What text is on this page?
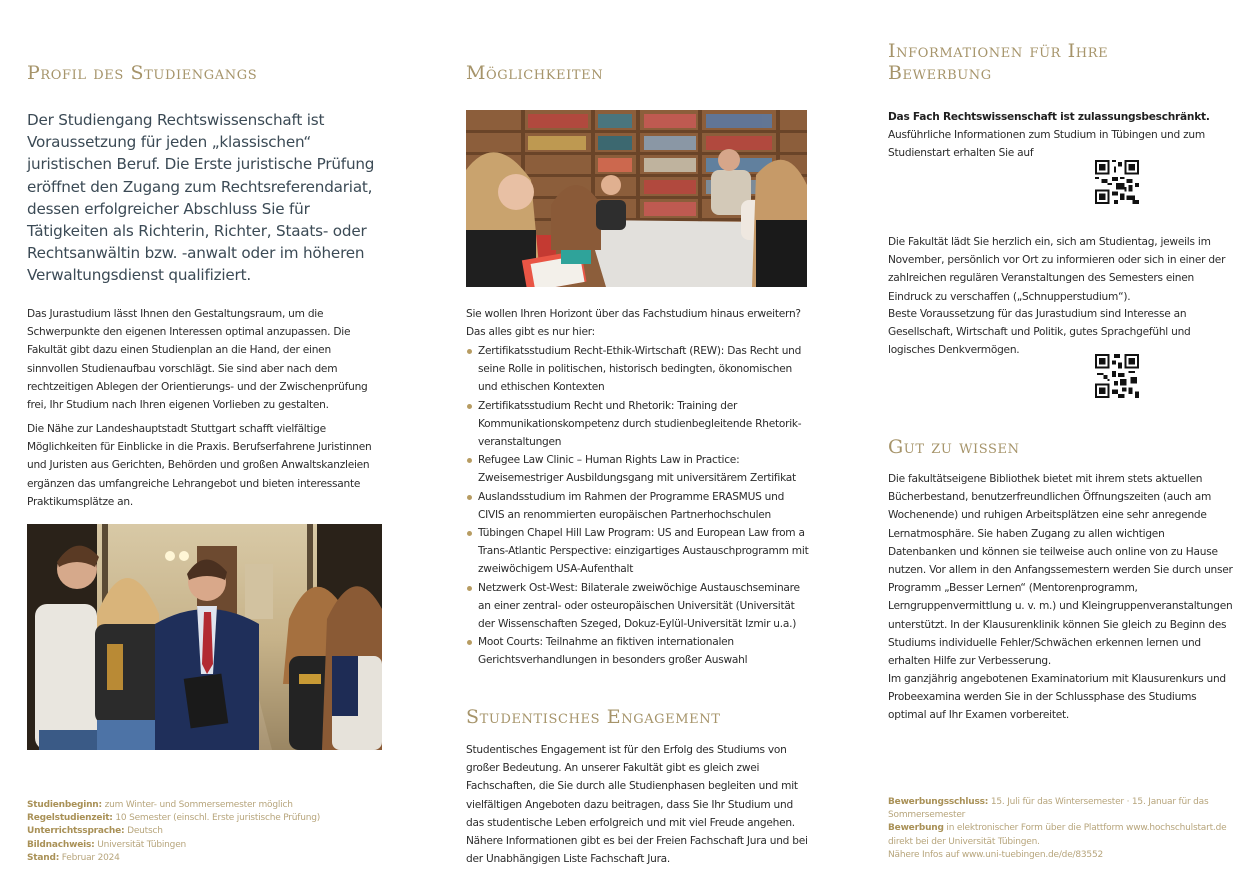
Profil des Studiengangs

Der Studiengang Rechtswissenschaft ist Voraussetzung für jeden „klassischen“ juristischen Beruf. Die Erste juristische Prüfung eröffnet den Zugang zum Rechtsreferendariat, dessen erfolgreicher Abschluss Sie für Tätigkeiten als Richterin, Richter, Staats- oder Rechtsanwältin bzw. -anwalt oder im höheren Verwaltungsdienst qualifiziert.

Das Jurastudium lässt Ihnen den Gestaltungsraum, um die Schwerpunkte den eigenen Interessen optimal anzupassen. Die Fakultät gibt dazu einen Studienplan an die Hand, der einen sinnvollen Studienaufbau vorschlägt. Sie sind aber nach dem rechtzeitigen Ablegen der Orientierungs- und der Zwischenprüfung frei, Ihr Studium nach Ihren eigenen Vorlieben zu gestalten.

Die Nähe zur Landeshauptstadt Stuttgart schafft vielfältige Möglichkeiten für Einblicke in die Praxis. Berufserfahrene Juristinnen und Juristen aus Gerichten, Behörden und großen Anwaltskanzleien ergänzen das umfangreiche Lehrangebot und bieten interessante Praktikumsplätze an.

Studienbeginn: zum Winter- und Sommersemester möglich
Regelstudienzeit: 10 Semester (einschl. Erste juristische Prüfung)
Unterrichtssprache: Deutsch
Bildnachweis: Universität Tübingen
Stand: Februar 2024
Möglichkeiten

Sie wollen Ihren Horizont über das Fachstudium hinaus erweitern? Das alles gibt es nur hier:

Zertifikatsstudium Recht-Ethik-Wirtschaft (REW): Das Recht und seine Rolle in politischen, historisch bedingten, ökonomischen und ethischen Kontexten
Zertifikatsstudium Recht und Rhetorik: Training der Kommunikationskompetenz durch studienbegleitende Rhetorik- veranstaltungen
Refugee Law Clinic – Human Rights Law in Practice: Zweisemestriger Ausbildungsgang mit universitärem Zertifikat
Auslandsstudium im Rahmen der Programme ERASMUS und CIVIS an renommierten europäischen Partnerhochschulen
Tübingen Chapel Hill Law Program: US and European Law from a Trans-Atlantic Perspective: einzigartiges Austauschprogramm mit zweiwöchigem USA-Aufenthalt
Netzwerk Ost-West: Bilaterale zweiwöchige Austauschseminare an einer zentral- oder osteuropäischen Universität (Universität der Wissenschaften Szeged, Dokuz-Eylül-Universität Izmir u.a.)
Moot Courts: Teilnahme an fiktiven internationalen Gerichtsverhandlungen in besonders großer Auswahl
Studentisches Engagement

Studentisches Engagement ist für den Erfolg des Studiums von großer Bedeutung. An unserer Fakultät gibt es gleich zwei Fachschaften, die Sie durch alle Studienphasen begleiten und mit vielfältigen Angeboten dazu beitragen, dass Sie Ihr Studium und das studentische Leben erfolgreich und mit viel Freude angehen. Nähere Informationen gibt es bei der Freien Fachschaft Jura und bei der Unabhängigen Liste Fachschaft Jura.

Informationen für Ihre Bewerbung

Das Fach Rechtswissenschaft ist zulassungsbeschränkt.

Ausführliche Informationen zum Studium in Tübingen und zum Studienstart erhalten Sie auf

Die Fakultät lädt Sie herzlich ein, sich am Studientag, jeweils im November, persönlich vor Ort zu informieren oder sich in einer der zahlreichen regulären Veranstaltungen des Semesters einen Eindruck zu verschaffen („Schnupperstudium“).

Beste Voraussetzung für das Jurastudium sind Interesse an Gesellschaft, Wirtschaft und Politik, gutes Sprachgefühl und logisches Denkvermögen.

Gut zu wissen

Die fakultätseigene Bibliothek bietet mit ihrem stets aktuellen Bücherbestand, benutzerfreundlichen Öffnungszeiten (auch am Wochenende) und ruhigen Arbeitsplätzen eine sehr anregende Lernatmosphäre. Sie haben Zugang zu allen wichtigen Datenbanken und können sie teilweise auch online von zu Hause nutzen. Vor allem in den Anfangssemestern werden Sie durch unser Programm „Besser Lernen“ (Mentorenprogramm, Lerngruppenvermittlung u. v. m.) und Kleingruppenveranstaltungen unterstützt. In der Klausurenklinik können Sie gleich zu Beginn des Studiums individuelle Fehler/Schwächen erkennen lernen und erhalten Hilfe zur Verbesserung.

Im ganzjährig angebotenen Examinatorium mit Klausurenkurs und Probeexamina werden Sie in der Schlussphase des Studiums optimal auf Ihr Examen vorbereitet.

Bewerbungsschluss: 15. Juli für das Wintersemester · 15. Januar für das Sommersemester
Bewerbung in elektronischer Form über die Plattform www.hochschulstart.de direkt bei der Universität Tübingen.
Nähere Infos auf www.uni-tuebingen.de/de/83552
